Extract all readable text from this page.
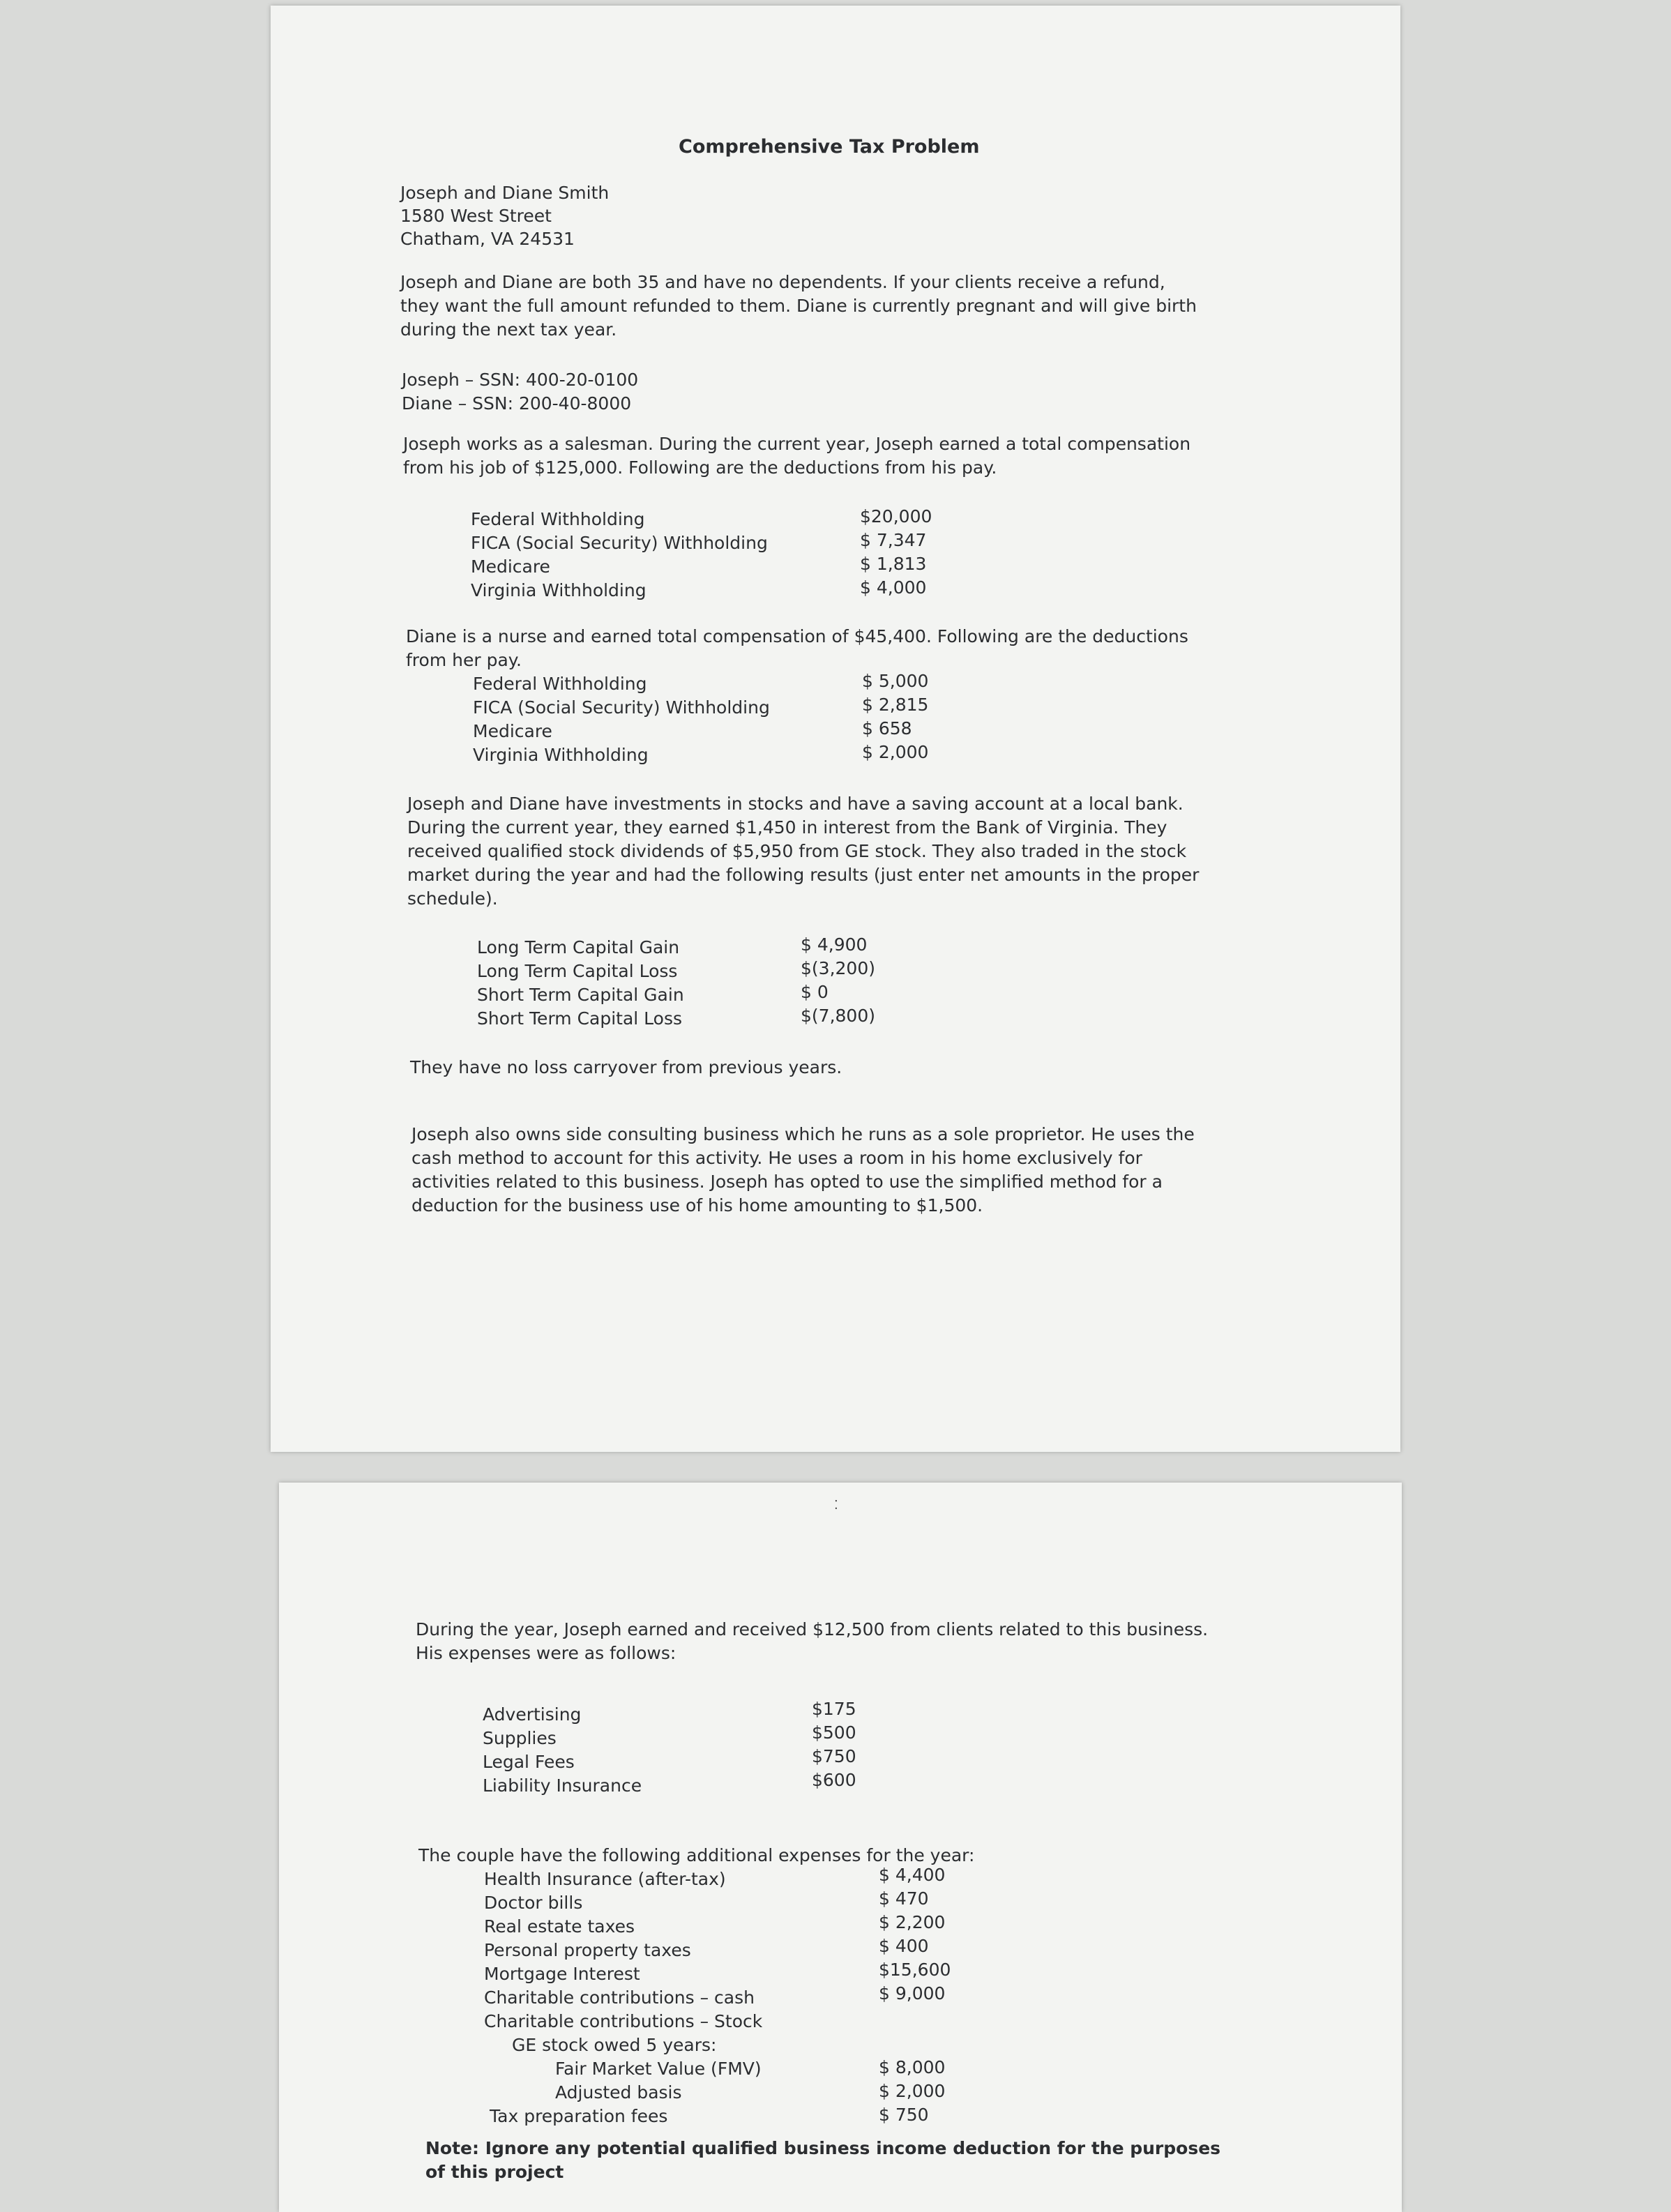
Comprehensive Tax Problem
Joseph and Diane Smith
1580 West Street
Chatham, VA 24531
Joseph and Diane are both 35 and have no dependents. If your clients receive a refund,
they want the full amount refunded to them. Diane is currently pregnant and will give birth
during the next tax year.
Joseph – SSN: 400-20-0100
Diane – SSN: 200-40-8000
Joseph works as a salesman. During the current year, Joseph earned a total compensation
from his job of $125,000. Following are the deductions from his pay.
Federal Withholding
FICA (Social Security) Withholding
Medicare
Virginia Withholding
$20,000
$ 7,347
$ 1,813
$ 4,000
Diane is a nurse and earned total compensation of $45,400. Following are the deductions
from her pay.
Federal Withholding
FICA (Social Security) Withholding
Medicare
Virginia Withholding
$ 5,000
$ 2,815
$ 658
$ 2,000
Joseph and Diane have investments in stocks and have a saving account at a local bank.
During the current year, they earned $1,450 in interest from the Bank of Virginia. They
received qualified stock dividends of $5,950 from GE stock. They also traded in the stock
market during the year and had the following results (just enter net amounts in the proper
schedule).
Long Term Capital Gain
Long Term Capital Loss
Short Term Capital Gain
Short Term Capital Loss
$ 4,900
$(3,200)
$ 0
$(7,800)
They have no loss carryover from previous years.
Joseph also owns side consulting business which he runs as a sole proprietor. He uses the
cash method to account for this activity. He uses a room in his home exclusively for
activities related to this business. Joseph has opted to use the simplified method for a
deduction for the business use of his home amounting to $1,500.
⁚
During the year, Joseph earned and received $12,500 from clients related to this business.
His expenses were as follows:
Advertising
Supplies
Legal Fees
Liability Insurance
$175
$500
$750
$600
The couple have the following additional expenses for the year:
Health Insurance (after-tax)
Doctor bills
Real estate taxes
Personal property taxes
Mortgage Interest
Charitable contributions – cash
Charitable contributions – Stock
$ 4,400
$ 470
$ 2,200
$ 400
$15,600
$ 9,000
GE stock owed 5 years:
Fair Market Value (FMV)
Adjusted basis
$ 8,000
$ 2,000
Tax preparation fees	$ 750
Note: Ignore any potential qualified business income deduction for the purposes
of this project
